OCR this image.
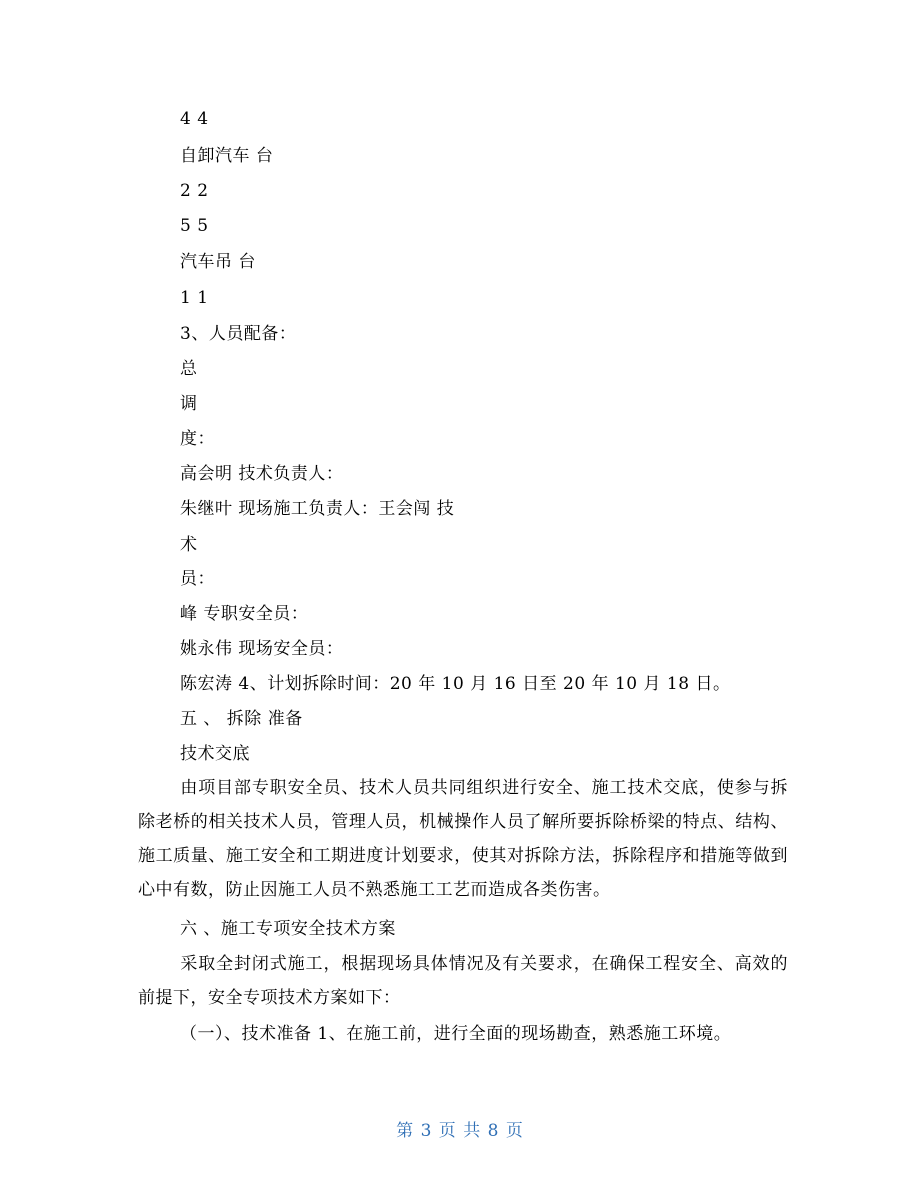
4 4
自卸汽车 台
2 2
5 5
汽车吊 台
1 1
3、人员配备：
总
调
度：
高会明 技术负责人：
朱继叶 现场施工负责人：王会闯 技
术
员：
峰 专职安全员：
姚永伟 现场安全员：
陈宏涛 4、计划拆除时间：20 年 10 月 16 日至 20 年 10 月 18 日。
五 、 拆除 准备
技术交底
由项目部专职安全员、技术人员共同组织进行安全、施工技术交底，使参与拆除老桥的相关技术人员，管理人员，机械操作人员了解所要拆除桥梁的特点、结构、施工质量、施工安全和工期进度计划要求，使其对拆除方法，拆除程序和措施等做到心中有数，防止因施工人员不熟悉施工工艺而造成各类伤害。
六 、施工专项安全技术方案
采取全封闭式施工，根据现场具体情况及有关要求，在确保工程安全、高效的前提下，安全专项技术方案如下：
（一）、技术准备 1、在施工前，进行全面的现场勘查，熟悉施工环境。
第 3 页 共 8 页
